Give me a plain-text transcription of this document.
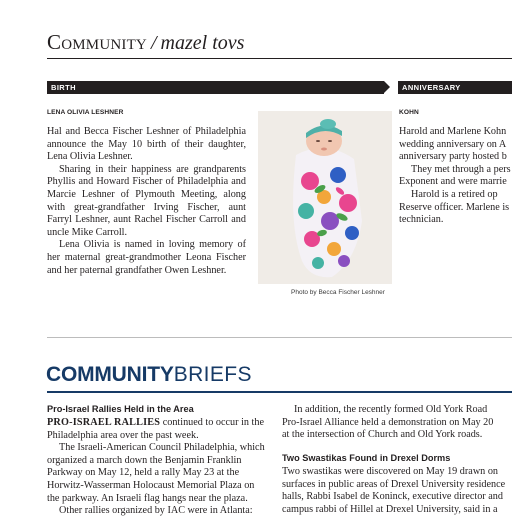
Community / mazel tovs
BIRTH	ANNIVERSARY
LENA OLIVIA LESHNER

Hal and Becca Fischer Leshner of Philadelphia announce the May 10 birth of their daughter, Lena Olivia Leshner.

Sharing in their happiness are grandparents Phyllis and Howard Fischer of Philadelphia and Marcie Leshner of Plymouth Meeting, along with great-grandfather Irving Fischer, aunt Farryl Leshner, aunt Rachel Fischer Carroll and uncle Mike Carroll.

Lena Olivia is named in loving memory of her maternal great-grandmother Leona Fischer and her paternal grandfather Owen Leshner.

Photo by Becca Fischer Leshner
KOHN
Harold and Marlene Kohn
wedding anniversary on A
anniversary party hosted b
They met through a pers
Exponent and were marrie
Harold is a retired op
Reserve officer. Marlene is
technician.
COMMUNITYBRIEFS
Pro-Israel Rallies Held in the Area
PRO-ISRAEL RALLIES continued to occur in the
Philadelphia area over the past week.
The Israeli-American Council Philadelphia, which
organized a march down the Benjamin Franklin
Parkway on May 12, held a rally May 23 at the
Horwitz-Wasserman Holocaust Memorial Plaza on
the parkway. An Israeli flag hangs near the plaza.
Other rallies organized by IAC were in Atlanta:
In addition, the recently formed Old York Road
Pro-Israel Alliance held a demonstration on May 20
at the intersection of Church and Old York roads.
Two Swastikas Found in Drexel Dorms
Two swastikas were discovered on May 19 drawn on
surfaces in public areas of Drexel University residence
halls, Rabbi Isabel de Koninck, executive director and
campus rabbi of Hillel at Drexel University, said in a
